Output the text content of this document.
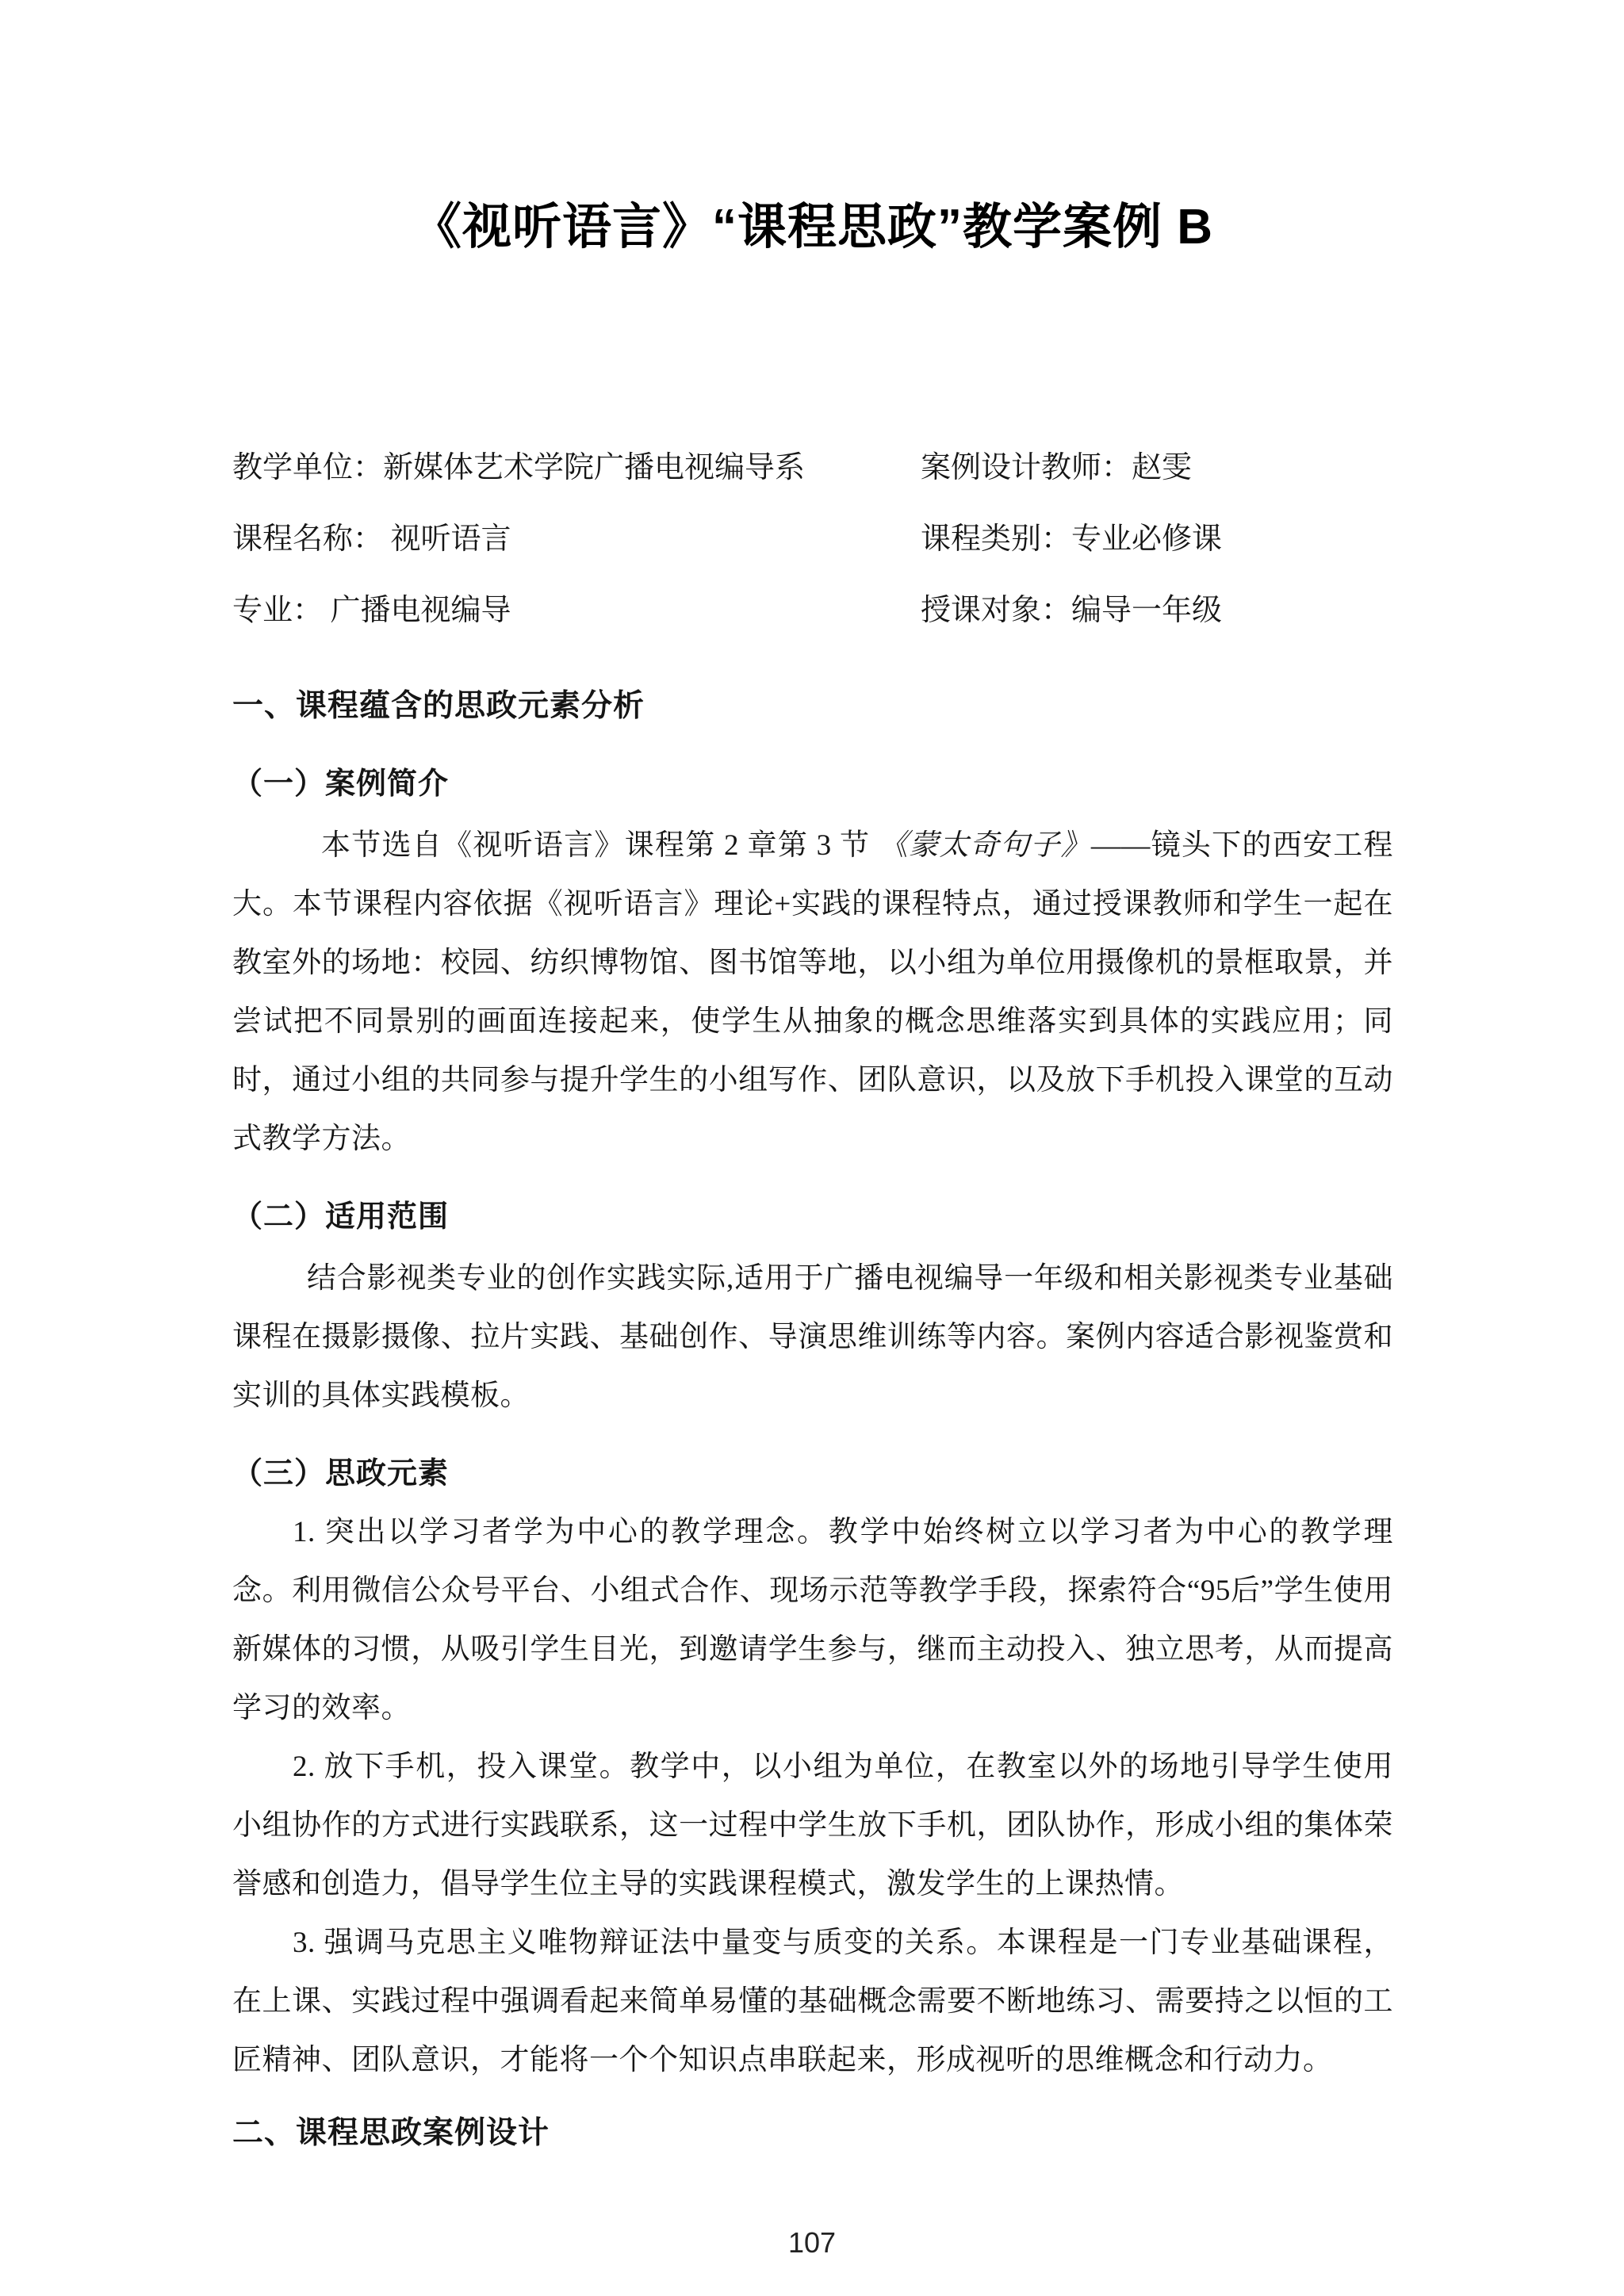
《视听语言》“课程思政”教学案例 B
教学单位：新媒体艺术学院广播电视编导系	案例设计教师：赵雯
课程名称： 视听语言	课程类别：专业必修课
专业： 广播电视编导	授课对象：编导一年级
一、课程蕴含的思政元素分析
（一）案例简介

本节选自《视听语言》课程第 2 章第 3 节 《蒙太奇句子》——镜头下的西安工程大。本节课程内容依据《视听语言》理论+实践的课程特点，通过授课教师和学生一起在教室外的场地：校园、纺织博物馆、图书馆等地，以小组为单位用摄像机的景框取景，并尝试把不同景别的画面连接起来，使学生从抽象的概念思维落实到具体的实践应用；同时，通过小组的共同参与提升学生的小组写作、团队意识，以及放下手机投入课堂的互动式教学方法。

（二）适用范围

结合影视类专业的创作实践实际,适用于广播电视编导一年级和相关影视类专业基础课程在摄影摄像、拉片实践、基础创作、导演思维训练等内容。案例内容适合影视鉴赏和实训的具体实践模板。

（三）思政元素

1. 突出以学习者学为中心的教学理念。教学中始终树立以学习者为中心的教学理念。利用微信公众号平台、小组式合作、现场示范等教学手段，探索符合“95后”学生使用新媒体的习惯，从吸引学生目光，到邀请学生参与，继而主动投入、独立思考，从而提高学习的效率。

2. 放下手机，投入课堂。教学中，以小组为单位，在教室以外的场地引导学生使用小组协作的方式进行实践联系，这一过程中学生放下手机，团队协作，形成小组的集体荣誉感和创造力，倡导学生位主导的实践课程模式，激发学生的上课热情。

3. 强调马克思主义唯物辩证法中量变与质变的关系。本课程是一门专业基础课程，在上课、实践过程中强调看起来简单易懂的基础概念需要不断地练习、需要持之以恒的工匠精神、团队意识，才能将一个个知识点串联起来，形成视听的思维概念和行动力。

二、课程思政案例设计
107
